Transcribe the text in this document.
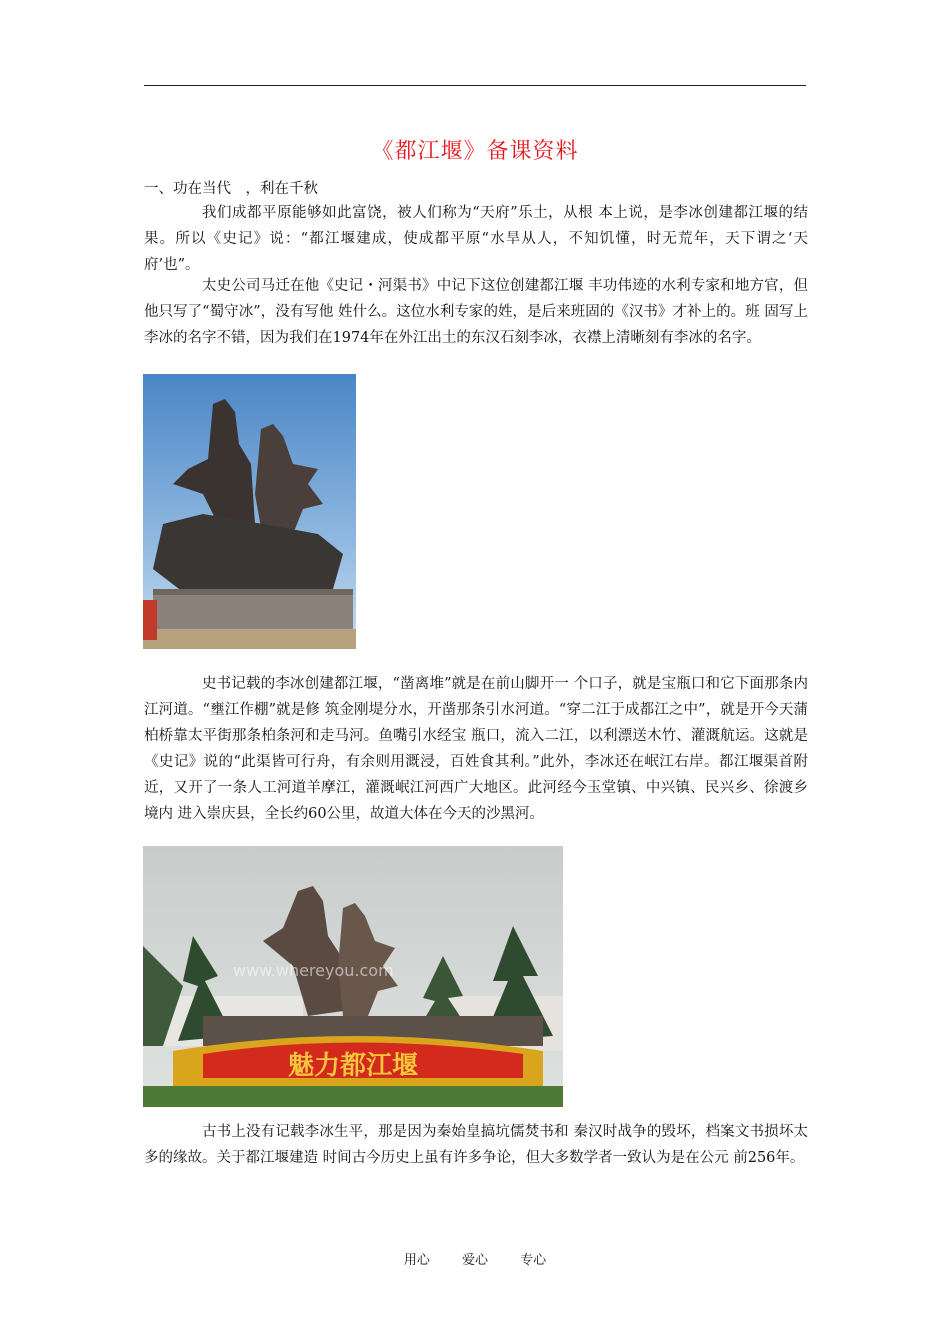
《都江堰》备课资料
一、功在当代　，利在千秋

我们成都平原能够如此富饶，被人们称为“天府”乐土，从根 本上说，是李冰创建都江堰的结果。所以《史记》说：“都江堰建成，使成都平原“水旱从人，不知饥懂，时无荒年，天下谓之‘天府’也”。

太史公司马迁在他《史记・河渠书》中记下这位创建都江堰 丰功伟迹的水利专家和地方官，但他只写了“蜀守冰”，没有写他 姓什么。这位水利专家的姓，是后来班固的《汉书》才补上的。班 固写上李冰的名字不错，因为我们在1974年在外江出土的东汉石刻李冰，衣襟上清晰刻有李冰的名字。

史书记载的李冰创建都江堰，“凿离堆”就是在前山脚开一 个口子，就是宝瓶口和它下面那条内江河道。“壅江作棚”就是修 筑金刚堤分水，开凿那条引水河道。“穿二江于成都江之中”，就是开今天蒲柏桥靠太平街那条柏条河和走马河。鱼嘴引水经宝 瓶口，流入二江，以利漂送木竹、灌溉航运。这就是《史记》说的“此渠皆可行舟，有余则用溉浸，百姓食其利。”此外，李冰还在岷江右岸。都江堰渠首附近，又开了一条人工河道羊摩江，灌溉岷江河西广大地区。此河经今玉堂镇、中兴镇、民兴乡、徐渡乡境内 进入崇庆县，全长约60公里，故道大体在今天的沙黑河。

www.whereyou.com
魅力都江堰

古书上没有记载李冰生平，那是因为秦始皇搞坑儒焚书和 秦汉时战争的毁坏，档案文书损坏太多的缘故。关于都江堰建造 时间古今历史上虽有许多争论，但大多数学者一致认为是在公元 前256年。

用心 爱心 专心
